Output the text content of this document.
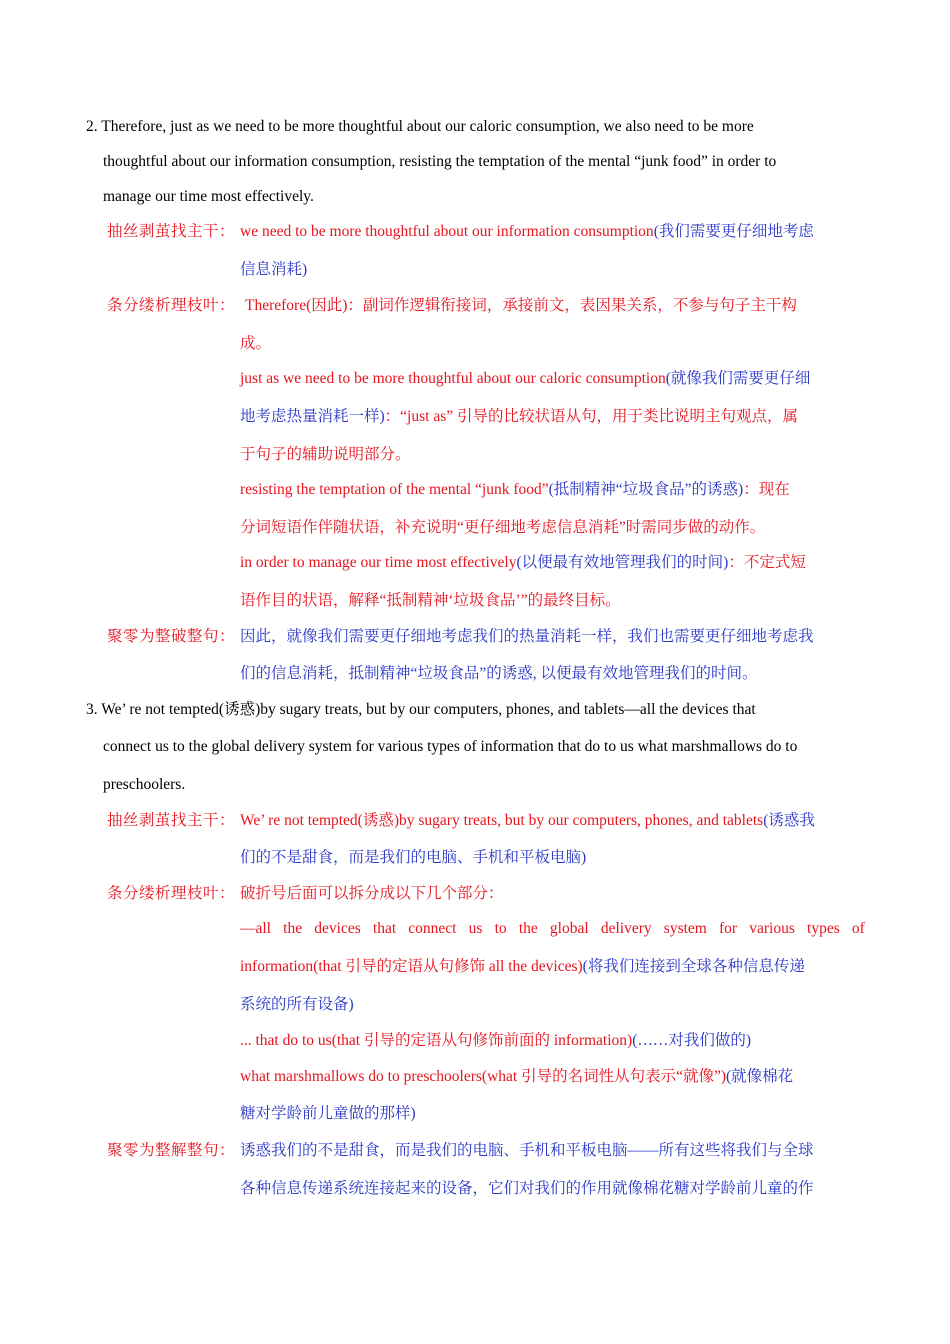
2. Therefore, just as we need to be more thoughtful about our caloric consumption, we also need to be more
thoughtful about our information consumption, resisting the temptation of the mental “junk food” in order to
manage our time most effectively.
抽丝剥茧找主干： we need to be more thoughtful about our information consumption(我们需要更仔细地考虑
信息消耗)
条分缕析理枝叶： Therefore(因此)：副词作逻辑衔接词，承接前文，表因果关系，不参与句子主干构
成。
just as we need to be more thoughtful about our caloric consumption(就像我们需要更仔细
地考虑热量消耗一样)：“just as” 引导的比较状语从句，用于类比说明主句观点，属
于句子的辅助说明部分。
resisting the temptation of the mental “junk food”(抵制精神“垃圾食品”的诱惑)：现在
分词短语作伴随状语，补充说明“更仔细地考虑信息消耗”时需同步做的动作。
in order to manage our time most effectively(以便最有效地管理我们的时间)：不定式短
语作目的状语，解释“抵制精神‘垃圾食品’”的最终目标。
聚零为整破整句： 因此，就像我们需要更仔细地考虑我们的热量消耗一样，我们也需要更仔细地考虑我
们的信息消耗，抵制精神“垃圾食品”的诱惑, 以便最有效地管理我们的时间。
3. We’ re not tempted(诱惑)by sugary treats, but by our computers, phones, and tablets—all the devices that
connect us to the global delivery system for various types of information that do to us what marshmallows do to
preschoolers.
抽丝剥茧找主干： We’ re not tempted(诱惑)by sugary treats, but by our computers, phones, and tablets(诱惑我
们的不是甜食，而是我们的电脑、手机和平板电脑)
条分缕析理枝叶： 破折号后面可以拆分成以下几个部分：
—all the devices that connect us to the global delivery system for various types of
information(that 引导的定语从句修饰 all the devices)(将我们连接到全球各种信息传递
系统的所有设备)
... that do to us(that 引导的定语从句修饰前面的 information)(……对我们做的)
what marshmallows do to preschoolers(what 引导的名词性从句表示“就像”)(就像棉花
糖对学龄前儿童做的那样)
聚零为整解整句： 诱惑我们的不是甜食，而是我们的电脑、手机和平板电脑——所有这些将我们与全球
各种信息传递系统连接起来的设备，它们对我们的作用就像棉花糖对学龄前儿童的作
